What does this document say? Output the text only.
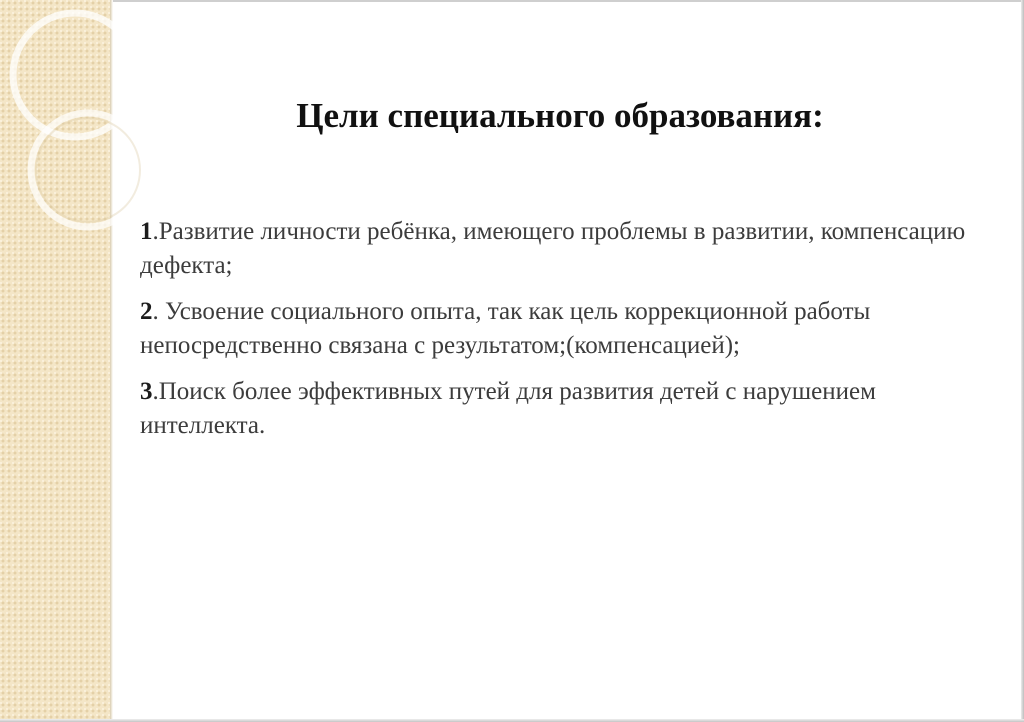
Цели специального образования:
1.Развитие личности ребёнка, имеющего проблемы в развитии, компенсацию дефекта;
2. Усвоение социального опыта, так как цель коррекционной работы непосредственно связана с результатом;(компенсацией);
3.Поиск более эффективных путей для развития детей с нарушением интеллекта.
